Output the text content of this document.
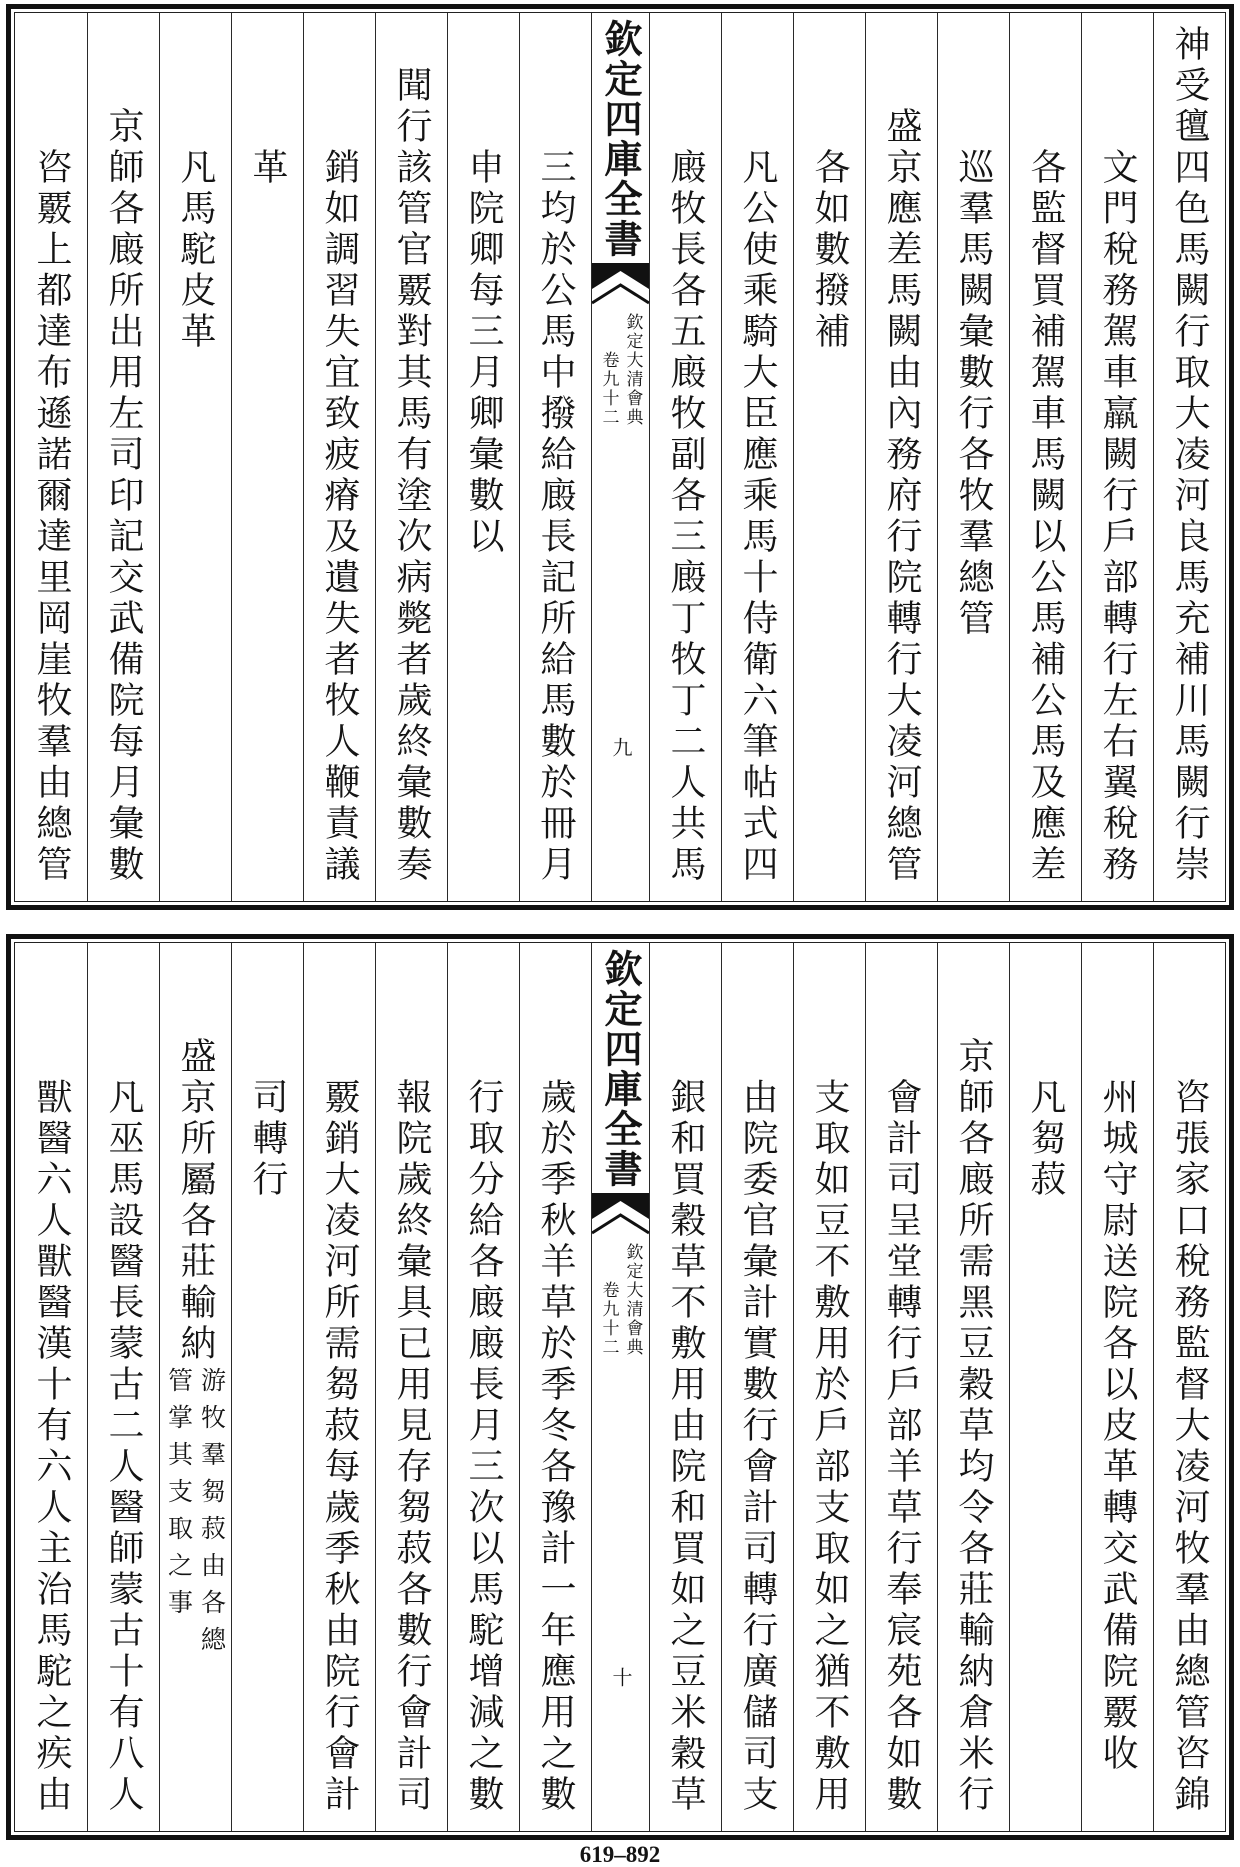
神受氊四色馬闕行取大凌河良馬充補川馬闕行崇
文門稅務駕車羸闕行戶部轉行左右翼稅務
各監督買補駕車馬闕以公馬補公馬及應差
巡羣馬闕彙數行各牧羣總管
盛京應差馬闕由內務府行院轉行大凌河總管
各如數撥補
凡公使乘騎大臣應乘馬十侍衛六筆帖式四
廄牧長各五廄牧副各三廄丁牧丁二人共馬
欽定四庫全書
欽定大清會典
卷九十二
九
三均於公馬中撥給廄長記所給馬數於冊月
申院卿每三月卿彙數以
聞行該管官覈對其馬有塗次病斃者歲終彙數奏
銷如調習失宜致疲瘠及遺失者牧人鞭責議
革
凡馬駝皮革
京師各廄所出用左司印記交武備院每月彙數
咨覈上都達布遜諾爾達里岡崖牧羣由總管
咨張家口稅務監督大凌河牧羣由總管咨錦
州城守尉送院各以皮革轉交武備院覈收
凡芻菽
京師各廄所需黑豆穀草均令各莊輸納倉米行
會計司呈堂轉行戶部羊草行奉宸苑各如數
支取如豆不敷用於戶部支取如之猶不敷用
由院委官彙計實數行會計司轉行廣儲司支
銀和買穀草不敷用由院和買如之豆米穀草
欽定四庫全書
欽定大清會典
卷九十二
十
歲於季秋羊草於季冬各豫計一年應用之數
行取分給各廄廄長月三次以馬駝增減之數
報院歲終彙具已用見存芻菽各數行會計司
覈銷大凌河所需芻菽每歲季秋由院行會計
司轉行
盛京所屬各莊輸納
游牧羣芻菽由各總
管掌其支取之事
凡巫馬設醫長蒙古二人醫師蒙古十有八人
獸醫六人獸醫漢十有六人主治馬駝之疾由
619–892
